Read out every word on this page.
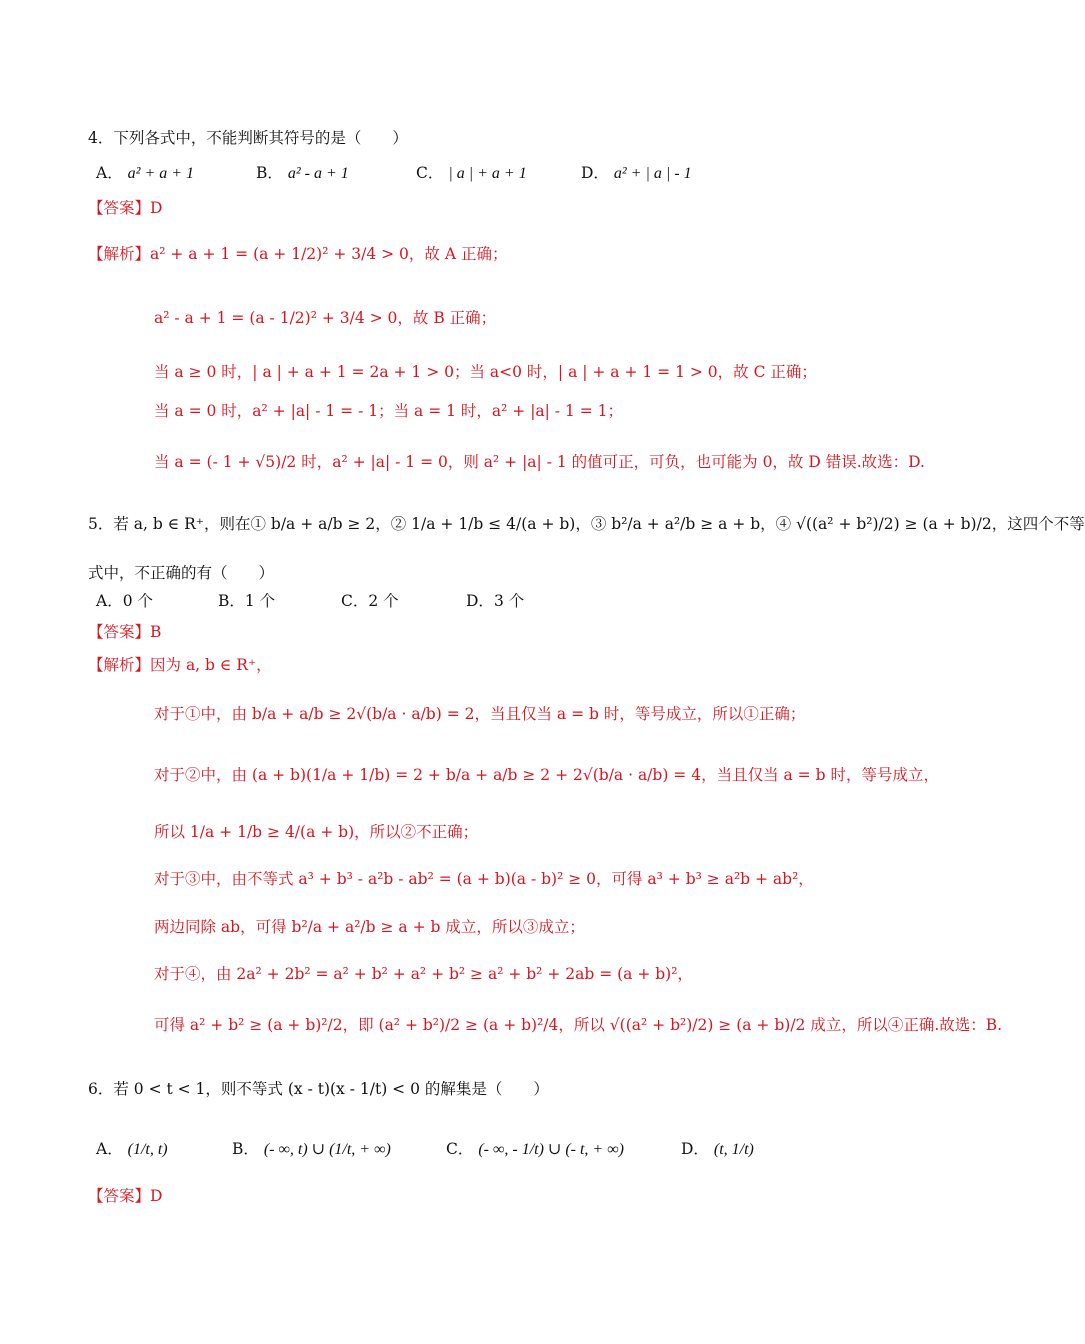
4．下列各式中，不能判断其符号的是（　　）
A． a² + a + 1	B． a² - a + 1	C． | a | + a + 1	D． a² + | a | - 1
【答案】D
【解析】a² + a + 1 = (a + 1/2)² + 3/4 > 0，故 A 正确；
a² - a + 1 = (a - 1/2)² + 3/4 > 0，故 B 正确；
当 a ≥ 0 时，| a | + a + 1 = 2a + 1 > 0；当 a<0 时，| a | + a + 1 = 1 > 0，故 C 正确；
当 a = 0 时，a² + |a| - 1 = - 1；当 a = 1 时，a² + |a| - 1 = 1；
当 a = (- 1 + √5)/2 时，a² + |a| - 1 = 0，则 a² + |a| - 1 的值可正，可负，也可能为 0，故 D 错误.故选：D.
5．若 a, b ∈ R⁺，则在① b/a + a/b ≥ 2，② 1/a + 1/b ≤ 4/(a + b)，③ b²/a + a²/b ≥ a + b，④ √((a² + b²)/2) ≥ (a + b)/2，这四个不等
式中，不正确的有（　　）
A．0 个	B．1 个	C．2 个	D．3 个
【答案】B
【解析】因为 a, b ∈ R⁺，
对于①中，由 b/a + a/b ≥ 2√(b/a · a/b) = 2，当且仅当 a = b 时，等号成立，所以①正确；
对于②中，由 (a + b)(1/a + 1/b) = 2 + b/a + a/b ≥ 2 + 2√(b/a · a/b) = 4，当且仅当 a = b 时，等号成立，
所以 1/a + 1/b ≥ 4/(a + b)，所以②不正确；
对于③中，由不等式 a³ + b³ - a²b - ab² = (a + b)(a - b)² ≥ 0，可得 a³ + b³ ≥ a²b + ab²，
两边同除 ab，可得 b²/a + a²/b ≥ a + b 成立，所以③成立；
对于④，由 2a² + 2b² = a² + b² + a² + b² ≥ a² + b² + 2ab = (a + b)²，
可得 a² + b² ≥ (a + b)²/2，即 (a² + b²)/2 ≥ (a + b)²/4，所以 √((a² + b²)/2) ≥ (a + b)/2 成立，所以④正确.故选：B.
6．若 0 < t < 1，则不等式 (x - t)(x - 1/t) < 0 的解集是（　　）
A． (1/t, t)	B． (- ∞, t) ∪ (1/t, + ∞)	C． (- ∞, - 1/t) ∪ (- t, + ∞)	D． (t, 1/t)
【答案】D
